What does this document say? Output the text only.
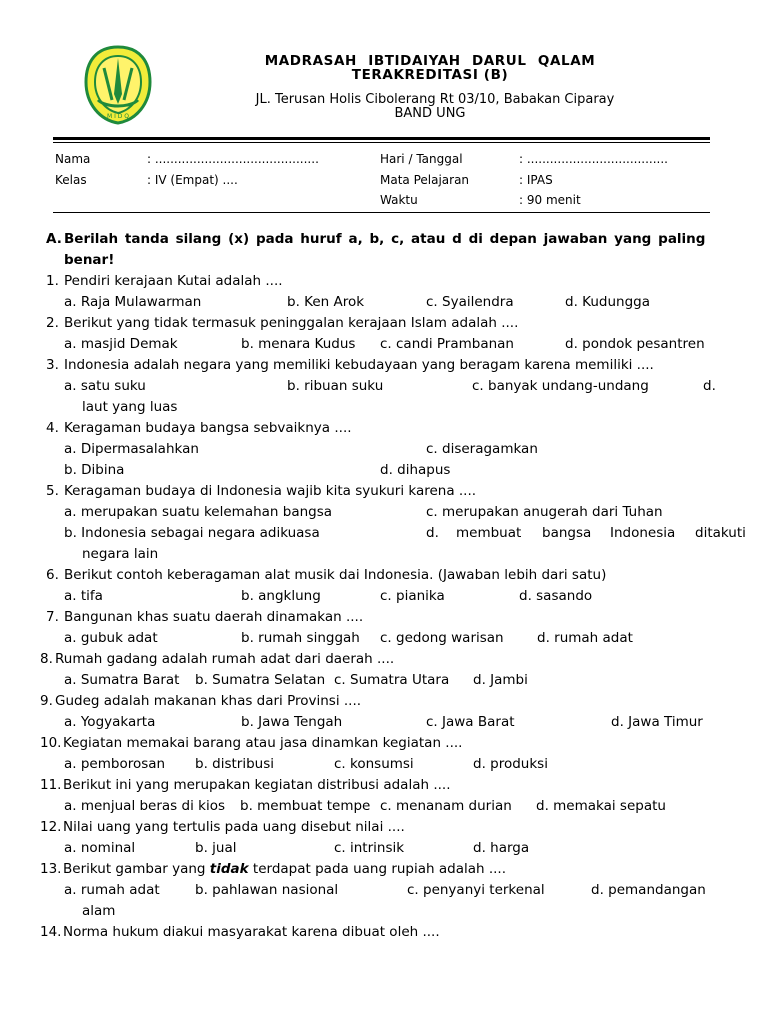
M I D Q
MADRASAH IBTIDAIYAH DARUL QALAM
TERAKREDITASI (B)
JL. Terusan Holis Cibolerang Rt 03/10, Babakan Ciparay
BAND UNG
Nama	: ...........................................	Hari / Tanggal	: .....................................
Kelas	: IV (Empat) ....	Mata Pelajaran	: IPAS
Waktu	: 90 menit
A. Berilah tanda silang (x) pada huruf a, b, c, atau d di depan jawaban yang paling
benar!
1. Pendiri kerajaan Kutai adalah ....
a. Raja Mulawarman	b. Ken Arok	c. Syailendra	d. Kudungga
2. Berikut yang tidak termasuk peninggalan kerajaan Islam adalah ....
a. masjid Demak	b. menara Kudus c. candi Prambanan	d. pondok pesantren
3. Indonesia adalah negara yang memiliki kebudayaan yang beragam karena memiliki ....
a. satu suku	b. ribuan suku	c. banyak undang-undang	d.
laut yang luas
4. Keragaman budaya bangsa sebvaiknya ....
a. Dipermasalahkan	c. diseragamkan
b. Dibina	d. dihapus
5. Keragaman budaya di Indonesia wajib kita syukuri karena ....
a. merupakan suatu kelemahan bangsa	c. merupakan anugerah dari Tuhan
b. Indonesia sebagai negara adikuasa	d. membuat bangsa Indonesia ditakuti
negara lain
6. Berikut contoh keberagaman alat musik dai Indonesia. (Jawaban lebih dari satu)
a. tifa	b. angklung	c. pianika	d. sasando
7. Bangunan khas suatu daerah dinamakan ....
a. gubuk adat	b. rumah singgah c. gedong warisan d. rumah adat
8. Rumah gadang adalah rumah adat dari daerah ....
a. Sumatra Barat b. Sumatra Selatan c. Sumatra Utara d. Jambi
9. Gudeg adalah makanan khas dari Provinsi ....
a. Yogyakarta	b. Jawa Tengah	c. Jawa Barat	d. Jawa Timur
10. Kegiatan memakai barang atau jasa dinamkan kegiatan ....
a. pemborosan b. distribusi	c. konsumsi	d. produksi
11. Berikut ini yang merupakan kegiatan distribusi adalah ....
a. menjual beras di kios b. membuat tempe c. menanam durian d. memakai sepatu
12. Nilai uang yang tertulis pada uang disebut nilai ....
a. nominal	b. jual	c. intrinsik	d. harga
13. Berikut gambar yang tidak terdapat pada uang rupiah adalah ....
a. rumah adat	b. pahlawan nasional	c. penyanyi terkenal	d. pemandangan
alam
14. Norma hukum diakui masyarakat karena dibuat oleh ....
